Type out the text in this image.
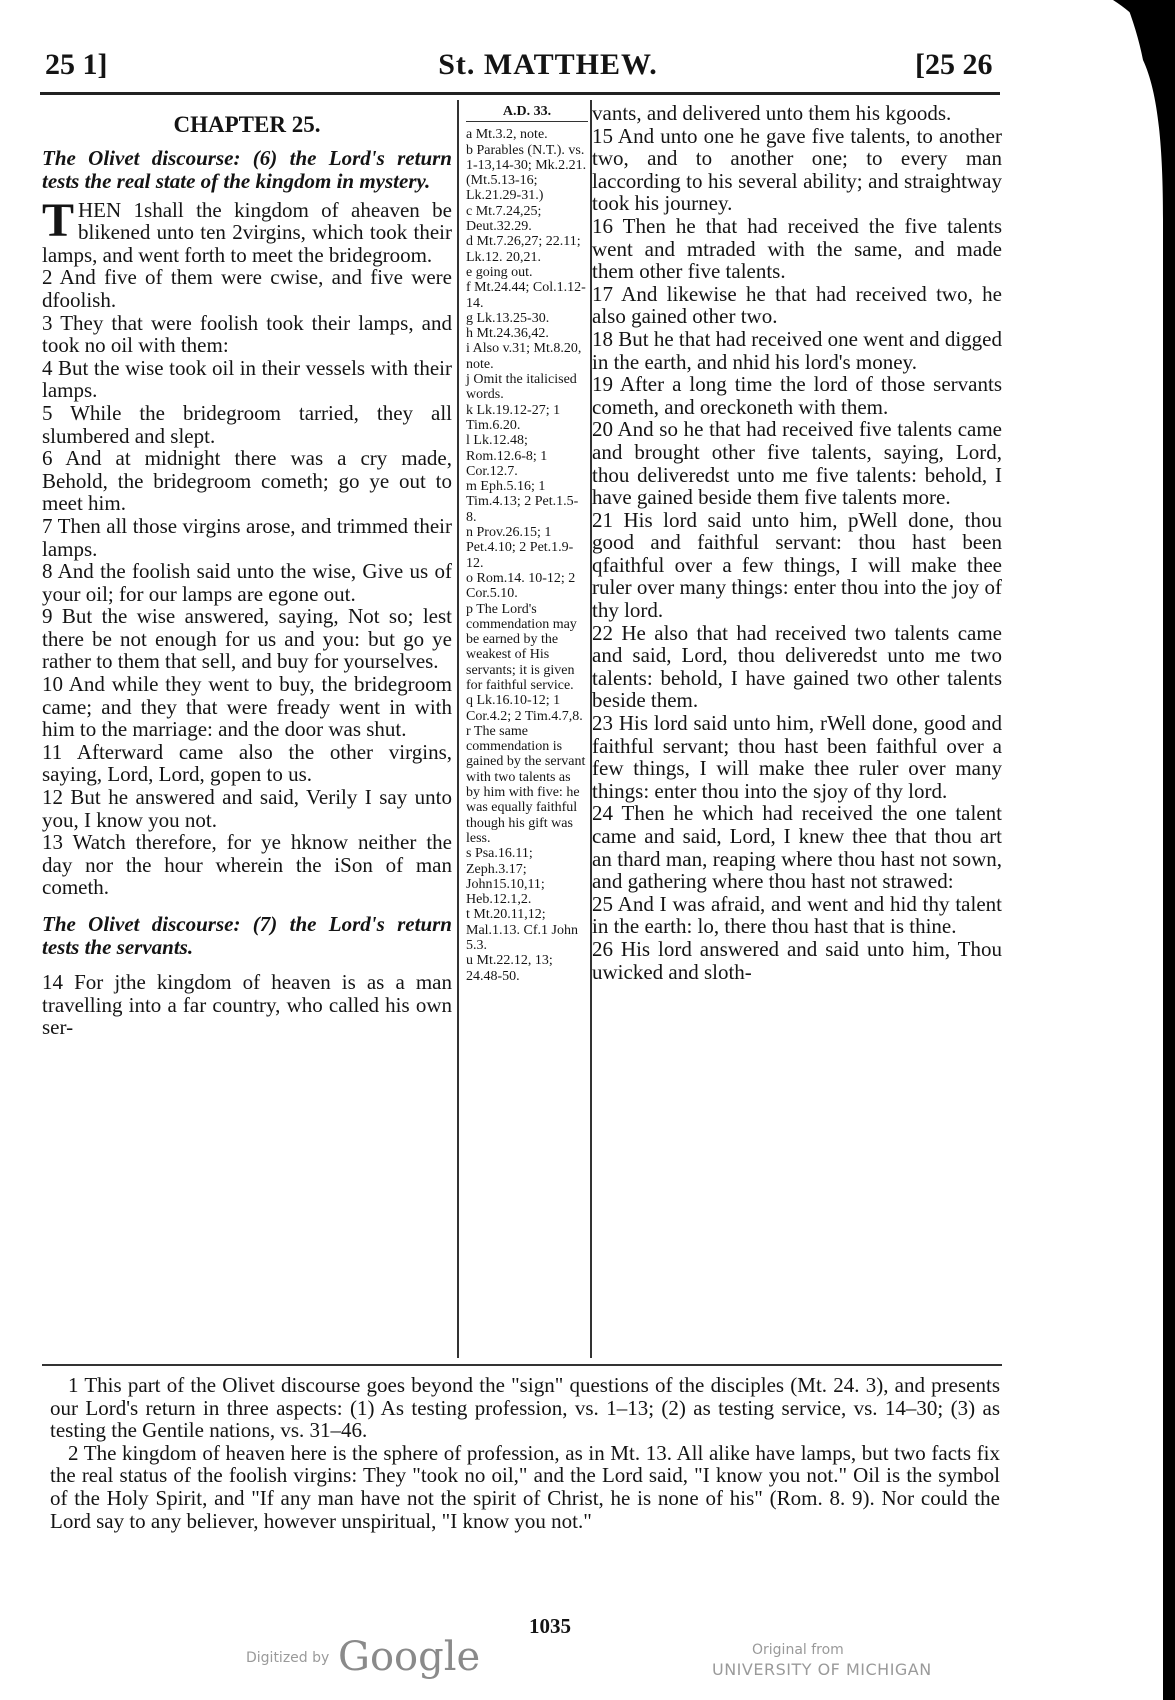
25 1]	St. MATTHEW.	[25 26
CHAPTER 25.

The Olivet discourse: (6) the Lord's return tests the real state of the kingdom in mystery.

THEN 1shall the kingdom of aheaven be blikened unto ten 2virgins, which took their lamps, and went forth to meet the bridegroom.

2 And five of them were cwise, and five were dfoolish.

3 They that were foolish took their lamps, and took no oil with them:

4 But the wise took oil in their vessels with their lamps.

5 While the bridegroom tarried, they all slumbered and slept.

6 And at midnight there was a cry made, Behold, the bridegroom cometh; go ye out to meet him.

7 Then all those virgins arose, and trimmed their lamps.

8 And the foolish said unto the wise, Give us of your oil; for our lamps are egone out.

9 But the wise answered, saying, Not so; lest there be not enough for us and you: but go ye rather to them that sell, and buy for yourselves.

10 And while they went to buy, the bridegroom came; and they that were fready went in with him to the marriage: and the door was shut.

11 Afterward came also the other virgins, saying, Lord, Lord, gopen to us.

12 But he answered and said, Verily I say unto you, I know you not.

13 Watch therefore, for ye hknow neither the day nor the hour wherein the iSon of man cometh.

The Olivet discourse: (7) the Lord's return tests the servants.

14 For jthe kingdom of heaven is as a man travelling into a far country, who called his own ser-

A.D. 33.

a Mt.3.2, note.

b Parables (N.T.). vs. 1-13,14-30; Mk.2.21. (Mt.5.13-16; Lk.21.29-31.)

c Mt.7.24,25; Deut.32.29.

d Mt.7.26,27; 22.11; Lk.12. 20,21.

e going out.

f Mt.24.44; Col.1.12-14.

g Lk.13.25-30.

h Mt.24.36,42.

i Also v.31; Mt.8.20, note.

j Omit the italicised words.

k Lk.19.12-27; 1 Tim.6.20.

l Lk.12.48; Rom.12.6-8; 1 Cor.12.7.

m Eph.5.16; 1 Tim.4.13; 2 Pet.1.5-8.

n Prov.26.15; 1 Pet.4.10; 2 Pet.1.9-12.

o Rom.14. 10-12; 2 Cor.5.10.

p The Lord's commendation may be earned by the weakest of His servants; it is given for faithful service.

q Lk.16.10-12; 1 Cor.4.2; 2 Tim.4.7,8.

r The same commendation is gained by the servant with two talents as by him with five: he was equally faithful though his gift was less.

s Psa.16.11; Zeph.3.17; John15.10,11; Heb.12.1,2.

t Mt.20.11,12; Mal.1.13. Cf.1 John 5.3.

u Mt.22.12, 13; 24.48-50.

vants, and delivered unto them his kgoods.

15 And unto one he gave five talents, to another two, and to another one; to every man laccording to his several ability; and straightway took his journey.

16 Then he that had received the five talents went and mtraded with the same, and made them other five talents.

17 And likewise he that had received two, he also gained other two.

18 But he that had received one went and digged in the earth, and nhid his lord's money.

19 After a long time the lord of those servants cometh, and oreckoneth with them.

20 And so he that had received five talents came and brought other five talents, saying, Lord, thou deliveredst unto me five talents: behold, I have gained beside them five talents more.

21 His lord said unto him, pWell done, thou good and faithful servant: thou hast been qfaithful over a few things, I will make thee ruler over many things: enter thou into the joy of thy lord.

22 He also that had received two talents came and said, Lord, thou deliveredst unto me two talents: behold, I have gained two other talents beside them.

23 His lord said unto him, rWell done, good and faithful servant; thou hast been faithful over a few things, I will make thee ruler over many things: enter thou into the sjoy of thy lord.

24 Then he which had received the one talent came and said, Lord, I knew thee that thou art an thard man, reaping where thou hast not sown, and gathering where thou hast not strawed:

25 And I was afraid, and went and hid thy talent in the earth: lo, there thou hast that is thine.

26 His lord answered and said unto him, Thou uwicked and sloth-

1 This part of the Olivet discourse goes beyond the "sign" questions of the disciples (Mt. 24. 3), and presents our Lord's return in three aspects: (1) As testing profession, vs. 1–13; (2) as testing service, vs. 14–30; (3) as testing the Gentile nations, vs. 31–46.

2 The kingdom of heaven here is the sphere of profession, as in Mt. 13. All alike have lamps, but two facts fix the real status of the foolish virgins: They "took no oil," and the Lord said, "I know you not." Oil is the symbol of the Holy Spirit, and "If any man have not the spirit of Christ, he is none of his" (Rom. 8. 9). Nor could the Lord say to any believer, however unspiritual, "I know you not."

1035
Digitized by Google	Original from
UNIVERSITY OF MICHIGAN
